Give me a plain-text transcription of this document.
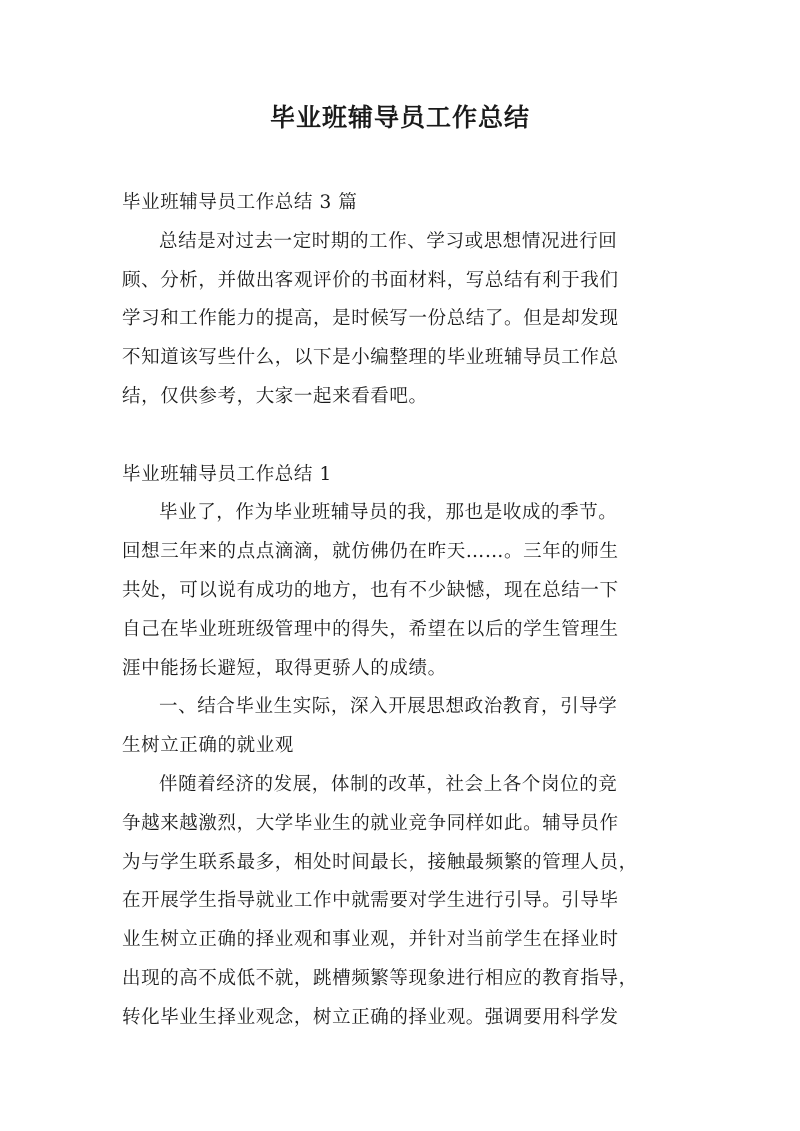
毕业班辅导员工作总结

毕业班辅导员工作总结 3 篇

总结是对过去一定时期的工作、学习或思想情况进行回

顾、分析，并做出客观评价的书面材料，写总结有利于我们

学习和工作能力的提高，是时候写一份总结了。但是却发现

不知道该写些什么，以下是小编整理的毕业班辅导员工作总

结，仅供参考，大家一起来看看吧。

毕业班辅导员工作总结 1

毕业了，作为毕业班辅导员的我，那也是收成的季节。

回想三年来的点点滴滴，就仿佛仍在昨天……。三年的师生

共处，可以说有成功的地方，也有不少缺憾，现在总结一下

自己在毕业班班级管理中的得失，希望在以后的学生管理生

涯中能扬长避短，取得更骄人的成绩。

一、结合毕业生实际，深入开展思想政治教育，引导学

生树立正确的就业观

伴随着经济的发展，体制的改革，社会上各个岗位的竞

争越来越激烈，大学毕业生的就业竞争同样如此。辅导员作

为与学生联系最多，相处时间最长，接触最频繁的管理人员，

在开展学生指导就业工作中就需要对学生进行引导。引导毕

业生树立正确的择业观和事业观，并针对当前学生在择业时

出现的高不成低不就，跳槽频繁等现象进行相应的教育指导，

转化毕业生择业观念，树立正确的择业观。强调要用科学发
